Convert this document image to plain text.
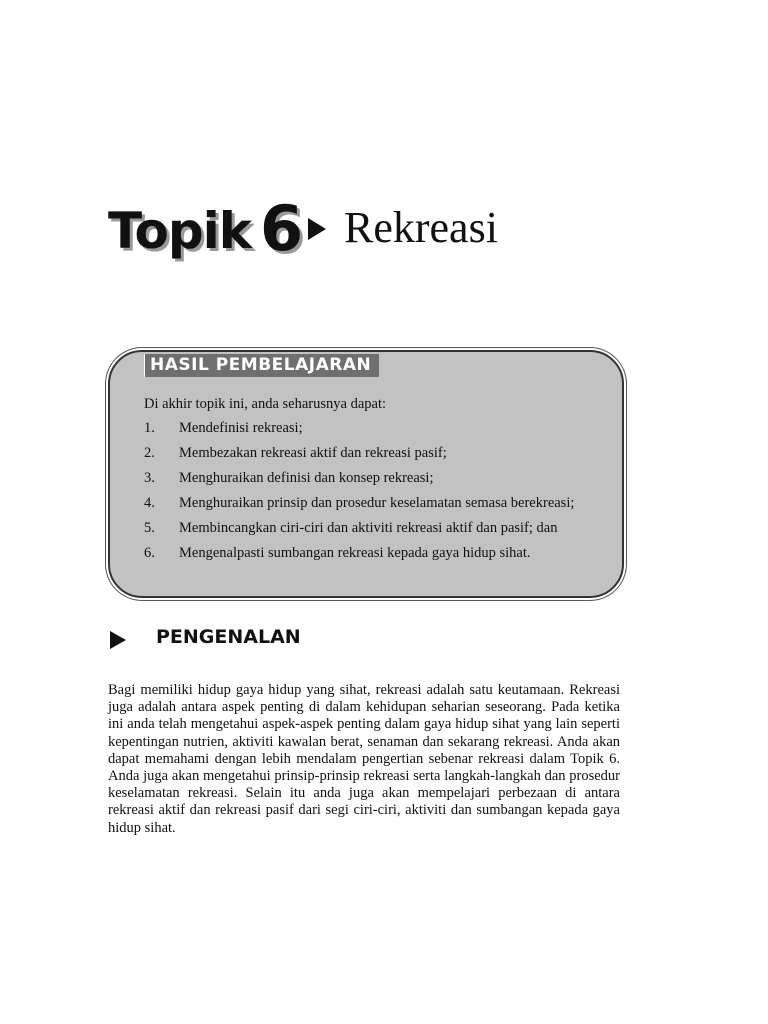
Topik 6 Rekreasi
HASIL PEMBELAJARAN
Di akhir topik ini, anda seharusnya dapat:
1. Mendefinisi rekreasi;
2. Membezakan rekreasi aktif dan rekreasi pasif;
3. Menghuraikan definisi dan konsep rekreasi;
4. Menghuraikan prinsip dan prosedur keselamatan semasa berekreasi;
5. Membincangkan ciri-ciri dan aktiviti rekreasi aktif dan pasif; dan
6. Mengenalpasti sumbangan rekreasi kepada gaya hidup sihat.
PENGENALAN

Bagi memiliki hidup gaya hidup yang sihat, rekreasi adalah satu keutamaan. Rekreasi juga adalah antara aspek penting di dalam kehidupan seharian seseorang. Pada ketika ini anda telah mengetahui aspek-aspek penting dalam gaya hidup sihat yang lain seperti kepentingan nutrien, aktiviti kawalan berat, senaman dan sekarang rekreasi. Anda akan dapat memahami dengan lebih mendalam pengertian sebenar rekreasi dalam Topik 6. Anda juga akan mengetahui prinsip-prinsip rekreasi serta langkah-langkah dan prosedur keselamatan rekreasi. Selain itu anda juga akan mempelajari perbezaan di antara rekreasi aktif dan rekreasi pasif dari segi ciri-ciri, aktiviti dan sumbangan kepada gaya hidup sihat.
